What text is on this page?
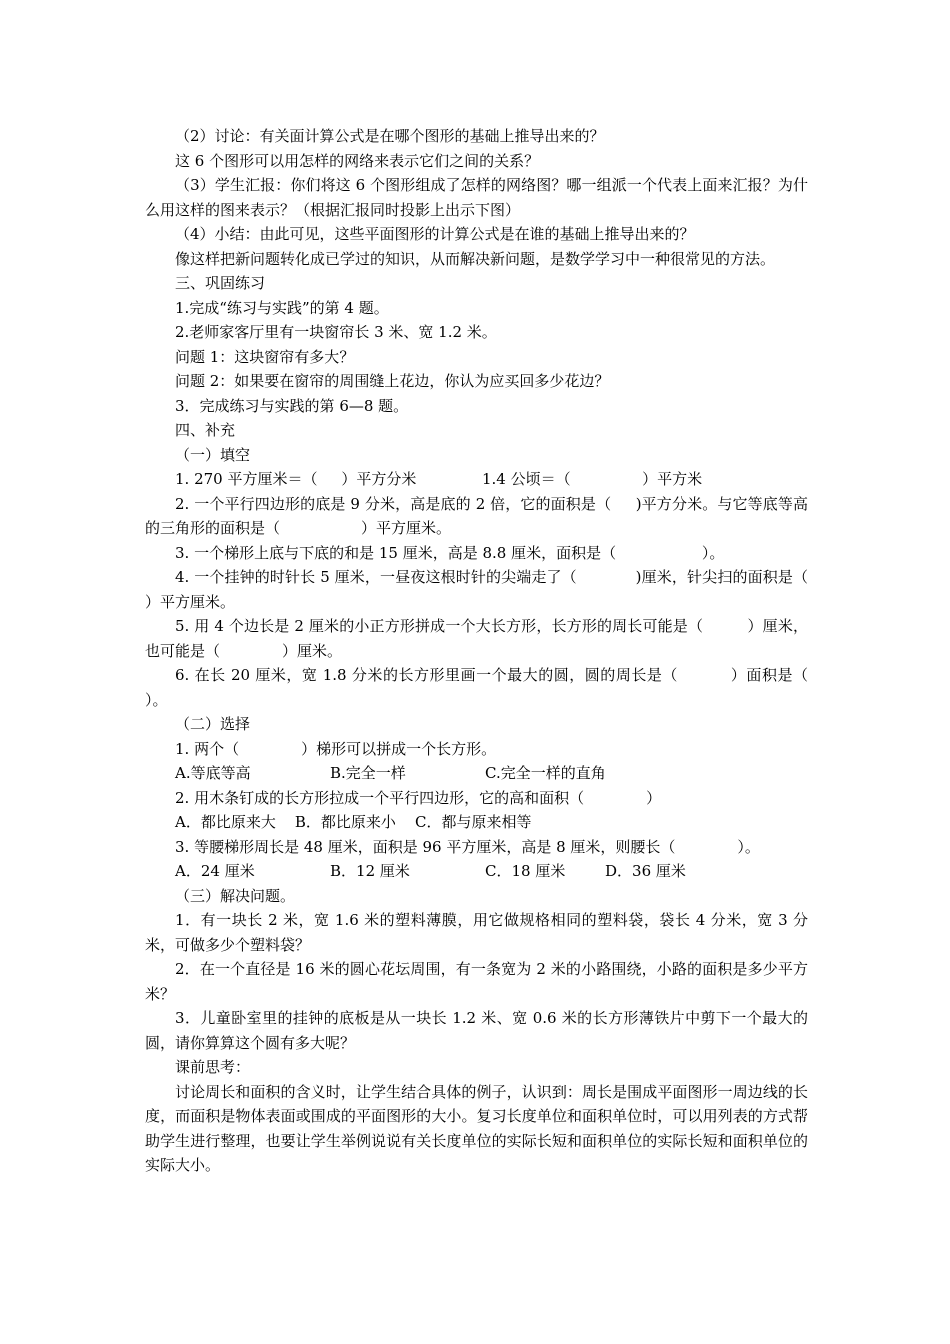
（2）讨论：有关面计算公式是在哪个图形的基础上推导出来的？

这 6 个图形可以用怎样的网络来表示它们之间的关系？

（3）学生汇报：你们将这 6 个图形组成了怎样的网络图？哪一组派一个代表上面来汇报？为什么用这样的图来表示？（根据汇报同时投影上出示下图）

（4）小结：由此可见，这些平面图形的计算公式是在谁的基础上推导出来的？

像这样把新问题转化成已学过的知识，从而解决新问题，是数学学习中一种很常见的方法。

三、巩固练习

1.完成“练习与实践”的第 4 题。

2.老师家客厅里有一块窗帘长 3 米、宽 1.2 米。

问题 1：这块窗帘有多大？

问题 2：如果要在窗帘的周围缝上花边，你认为应买回多少花边？

3．完成练习与实践的第 6—8 题。

四、补充

（一）填空

1. 270 平方厘米＝（     ）平方分米	1.4 公顷＝（               ）平方米

2. 一个平行四边形的底是 9 分米，高是底的 2 倍，它的面积是（     )平方分米。与它等底等高的三角形的面积是（                 ）平方厘米。

3. 一个梯形上底与下底的和是 15 厘米，高是 8.8 厘米，面积是（                  ）。

4. 一个挂钟的时针长 5 厘米，一昼夜这根时针的尖端走了（            )厘米，针尖扫的面积是（              ）平方厘米。

5. 用 4 个边长是 2 厘米的小正方形拼成一个大长方形，长方形的周长可能是（         ）厘米，也可能是（             ）厘米。

6. 在长 20 厘米，宽 1.8 分米的长方形里画一个最大的圆，圆的周长是（          ）面积是（             ）。

（二）选择

1. 两个（             ）梯形可以拼成一个长方形。

A.等底等高	B.完全一样	C.完全一样的直角

2. 用木条钉成的长方形拉成一个平行四边形，它的高和面积（             ）

A．都比原来大    B．都比原来小    C．都与原来相等

3. 等腰梯形周长是 48 厘米，面积是 96 平方厘米，高是 8 厘米，则腰长（             ）。

A．24 厘米	B．12 厘米	C．18 厘米	D．36 厘米

（三）解决问题。

1．有一块长 2 米，宽 1.6 米的塑料薄膜，用它做规格相同的塑料袋，袋长 4 分米，宽 3 分米，可做多少个塑料袋？

2．在一个直径是 16 米的圆心花坛周围，有一条宽为 2 米的小路围绕，小路的面积是多少平方米？

3．儿童卧室里的挂钟的底板是从一块长 1.2 米、宽 0.6 米的长方形薄铁片中剪下一个最大的圆，请你算算这个圆有多大呢？

课前思考：

讨论周长和面积的含义时，让学生结合具体的例子，认识到：周长是围成平面图形一周边线的长度，而面积是物体表面或围成的平面图形的大小。复习长度单位和面积单位时，可以用列表的方式帮助学生进行整理，也要让学生举例说说有关长度单位的实际长短和面积单位的实际长短和面积单位的实际大小。
